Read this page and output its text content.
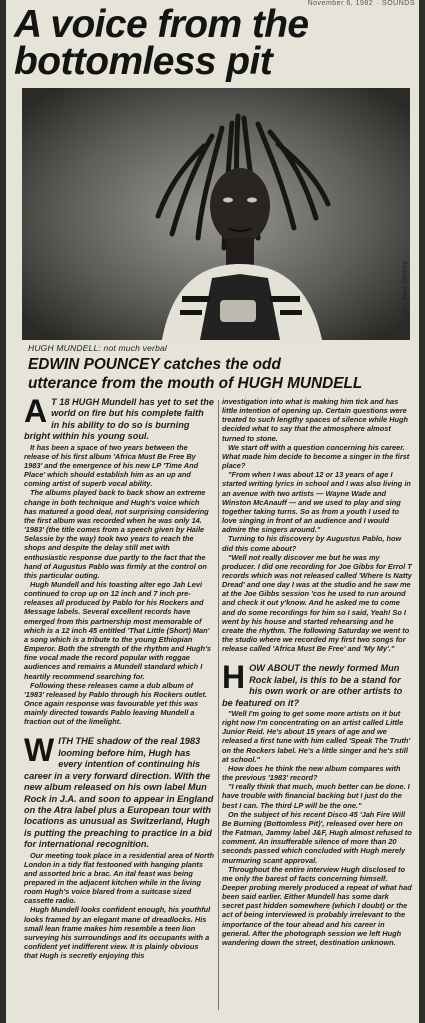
November 6, 1982 · SOUNDS
A voice from the
bottomless pit
Pic: Paul Slattery
HUGH MUNDELL: not much verbal
EDWIN POUNCEY catches the odd
utterance from the mouth of HUGH MUNDELL

A T 18 HUGH Mundell has yet to set the world on fire but his complete faith in his ability to do so is burning bright within his young soul.

It has been a space of two years between the release of his first album 'Africa Must Be Free By 1983' and the emergence of his new LP 'Time And Place' which should establish him as an up and coming artist of superb vocal ability.

The albums played back to back show an extreme change in both technique and Hugh's voice which has matured a good deal, not surprising considering the first album was recorded when he was only 14. '1983' (the title comes from a speech given by Haile Selassie by the way) took two years to reach the shops and despite the delay still met with enthusiastic response due partly to the fact that the hand of Augustus Pablo was firmly at the control on this particular outing.

Hugh Mundell and his toasting alter ego Jah Levi continued to crop up on 12 inch and 7 inch pre-releases all produced by Pablo for his Rockers and Message labels. Several excellent records have emerged from this partnership most memorable of which is a 12 inch 45 entitled 'That Little (Short) Man' a song which is a tribute to the young Ethiopian Emperor. Both the strength of the rhythm and Hugh's fine vocal made the record popular with reggae audiences and remains a Mundell standard which I heartily recommend searching for.

Following these releases came a dub album of '1983' released by Pablo through his Rockers outlet. Once again response was favourable yet this was mainly directed towards Pablo leaving Mundell a fraction out of the limelight.

WITH THE shadow of the real 1983 looming before him, Hugh has every intention of continuing his career in a very forward direction. With the new album released on his own label Mun Rock in J.A. and soon to appear in England on the Atra label plus a European tour with locations as unusual as Switzerland, Hugh is putting the preaching to practice in a bid for international recognition.

Our meeting took place in a residential area of North London in a tidy flat festooned with hanging plants and assorted bric a brac. An ital feast was being prepared in the adjacent kitchen while in the living room Hugh's voice blared from a suitcase sized cassette radio.

Hugh Mundell looks confident enough, his youthful looks framed by an elegant mane of dreadlocks. His small lean frame makes him resemble a teen lion surveying his surroundings and its occupants with a confident yet indifferent view. It is plainly obvious that Hugh is secretly enjoying this

investigation into what is making him tick and has little intention of opening up. Certain questions were treated to such lengthy spaces of silence while Hugh decided what to say that the atmosphere almost turned to stone.

We start off with a question concerning his career. What made him decide to become a singer in the first place?

"From when I was about 12 or 13 years of age I started writing lyrics in school and I was also living in an avenue with two artists — Wayne Wade and Winston McAnauff — and we used to play and sing together taking turns. So as from a youth I used to love singing in front of an audience and I would admire the singers around."

Turning to his discovery by Augustus Pablo, how did this come about?

"Well not really discover me but he was my producer. I did one recording for Joe Gibbs for Errol T records which was not released called 'Where Is Natty Dread' and one day I was at the studio and he saw me at the Joe Gibbs session 'cos he used to run around and check it out y'know. And he asked me to come and do some recordings for him so I said, Yeah! So I went by his house and started rehearsing and he create the rhythm. The following Saturday we went to the studio where we recorded my first two songs for release called 'Africa Must Be Free' and 'My My'."

HOW ABOUT the newly formed Mun Rock label, is this to be a stand for his own work or are other artists to be featured on it?

"Well I'm going to get some more artists on it but right now I'm concentrating on an artist called Little Junior Reid. He's about 15 years of age and we released a first tune with him called 'Speak The Truth' on the Rockers label. He's a little singer and he's still at school."

How does he think the new album compares with the previous '1983' record?

"I really think that much, much better can be done. I have trouble with financial backing but I just do the best I can. The third LP will be the one."

On the subject of his recent Disco 45 'Jah Fire Will Be Burning (Bottomless Pit)', released over here on the Fatman, Jammy label J&F, Hugh almost refused to comment. An insufferable silence of more than 20 seconds passed which concluded with Hugh merely murmuring scant approval.

Throughout the entire interview Hugh disclosed to me only the barest of facts concerning himself. Deeper probing merely produced a repeat of what had been said earlier. Either Mundell has some dark secret past hidden somewhere (which I doubt) or the act of being interviewed is probably irrelevant to the importance of the tour ahead and his career in general. After the photograph session we left Hugh wandering down the street, destination unknown.
